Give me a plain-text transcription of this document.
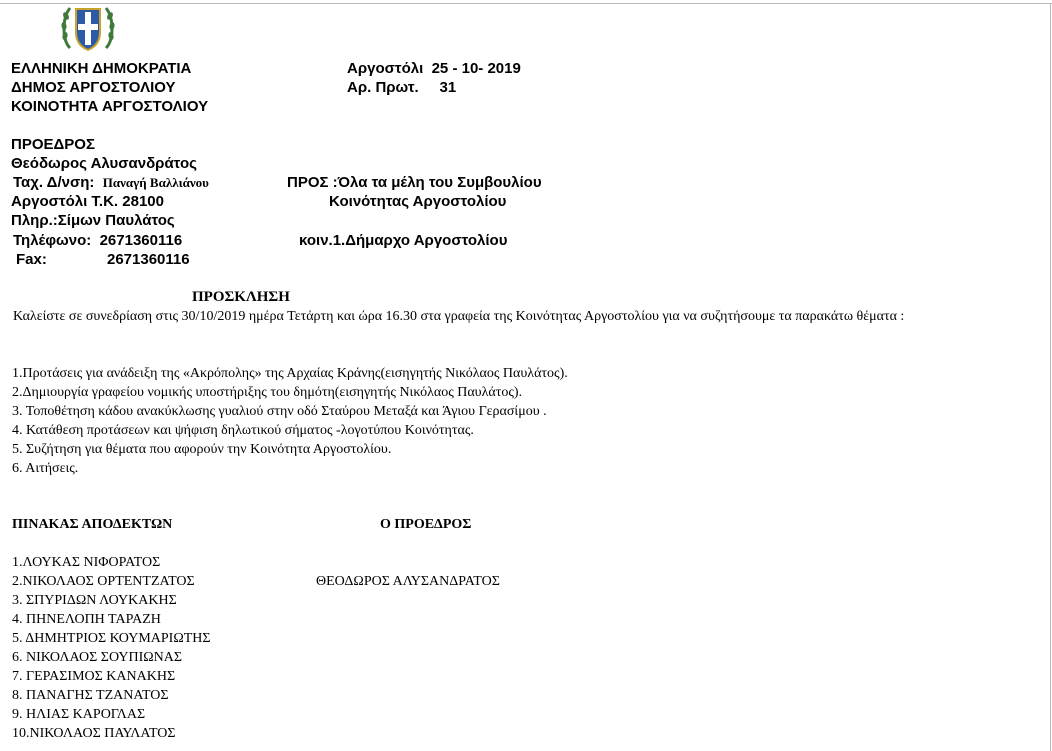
ΕΛΛΗΝΙΚΗ ΔΗΜΟΚΡΑΤΙΑ
ΔΗΜΟΣ ΑΡΓΟΣΤΟΛΙΟΥ
ΚΟΙΝΟΤΗΤΑ ΑΡΓΟΣΤΟΛΙΟΥ
Αργοστόλι 25 - 10- 2019
Αρ. Πρωτ. 31
ΠΡΟΕΔΡΟΣ
Θεόδωρος Αλυσανδράτος
Ταχ. Δ/νση: Παναγή Βαλλιάνου
Αργοστόλι Τ.Κ. 28100
Πληρ.:Σίμων Παυλάτος
Τηλέφωνο: 2671360116
Fax:	2671360116
ΠΡΟΣ :Όλα τα μέλη του Συμβουλίου
Κοινότητας Αργοστολίου
κοιν.1.Δήμαρχο Αργοστολίου
ΠΡΟΣΚΛΗΣΗ
Καλείστε σε συνεδρίαση στις 30/10/2019 ημέρα Τετάρτη και ώρα 16.30 στα γραφεία της Κοινότητας Αργοστολίου για να συζητήσουμε τα παρακάτω θέματα :
1.Προτάσεις για ανάδειξη της «Ακρόπολης» της Αρχαίας Κράνης(εισηγητής Νικόλαος Παυλάτος).
2.Δημιουργία γραφείου νομικής υποστήριξης του δημότη(εισηγητής Νικόλαος Παυλάτος).
3. Τοποθέτηση κάδου ανακύκλωσης γυαλιού στην οδό Σταύρου Μεταξά και Άγιου Γερασίμου .
4. Κατάθεση προτάσεων και ψήφιση δηλωτικού σήματος -λογοτύπου Κοινότητας.
5. Συζήτηση για θέματα που αφορούν την Κοινότητα Αργοστολίου.
6. Αιτήσεις.
ΠΙΝΑΚΑΣ ΑΠΟΔΕΚΤΩΝ	Ο ΠΡΟΕΔΡΟΣ
1.ΛΟΥΚΑΣ ΝΙΦΟΡΑΤΟΣ
2.ΝΙΚΟΛΑΟΣ ΟΡΤΕΝΤΖΑΤΟΣ
3. ΣΠΥΡΙΔΩΝ ΛΟΥΚΑΚΗΣ
4. ΠΗΝΕΛΟΠΗ ΤΑΡΑΖΗ
5. ΔΗΜΗΤΡΙΟΣ ΚΟΥΜΑΡΙΩΤΗΣ
6. ΝΙΚΟΛΑΟΣ ΣΟΥΠΙΩΝΑΣ
7. ΓΕΡΑΣΙΜΟΣ ΚΑΝΑΚΗΣ
8. ΠΑΝΑΓΗΣ ΤΖΑΝΑΤΟΣ
9. ΗΛΙΑΣ ΚΑΡΟΓΛΑΣ
10.ΝΙΚΟΛΑΟΣ ΠΑΥΛΑΤΟΣ
ΘΕΟΔΩΡΟΣ ΑΛΥΣΑΝΔΡΑΤΟΣ
